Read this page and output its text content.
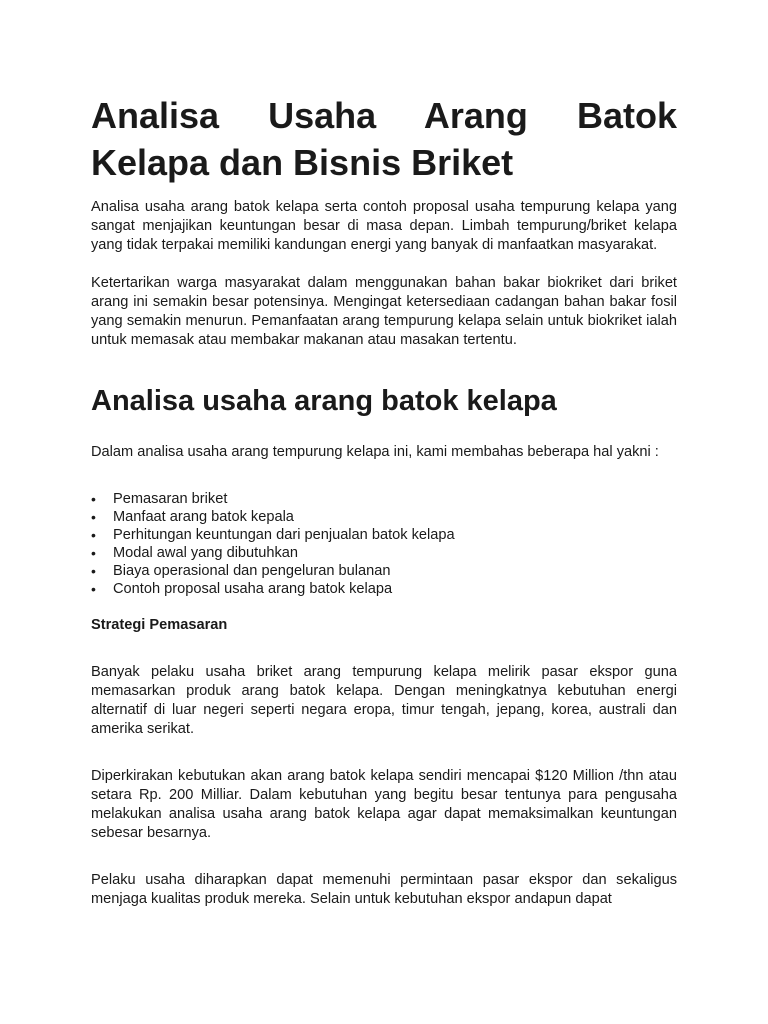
Analisa Usaha Arang Batok
Kelapa dan Bisnis Briket

Analisa usaha arang batok kelapa serta contoh proposal usaha tempurung kelapa yang sangat menjajikan keuntungan besar di masa depan. Limbah tempurung/briket kelapa yang tidak terpakai memiliki kandungan energi yang banyak di manfaatkan masyarakat.

Ketertarikan warga masyarakat dalam menggunakan bahan bakar biokriket dari briket arang ini semakin besar potensinya. Mengingat ketersediaan cadangan bahan bakar fosil yang semakin menurun. Pemanfaatan arang tempurung kelapa selain untuk biokriket ialah untuk memasak atau membakar makanan atau masakan tertentu.

Analisa usaha arang batok kelapa

Dalam analisa usaha arang tempurung kelapa ini, kami membahas beberapa hal yakni :

• Pemasaran briket
• Manfaat arang batok kepala
• Perhitungan keuntungan dari penjualan batok kelapa
• Modal awal yang dibutuhkan
• Biaya operasional dan pengeluran bulanan
• Contoh proposal usaha arang batok kelapa
Strategi Pemasaran

Banyak pelaku usaha briket arang tempurung kelapa melirik pasar ekspor guna memasarkan produk arang batok kelapa. Dengan meningkatnya kebutuhan energi alternatif di luar negeri seperti negara eropa, timur tengah, jepang, korea, australi dan amerika serikat.

Diperkirakan kebutukan akan arang batok kelapa sendiri mencapai $120 Million /thn atau setara Rp. 200 Milliar. Dalam kebutuhan yang begitu besar tentunya para pengusaha melakukan analisa usaha arang batok kelapa agar dapat memaksimalkan keuntungan sebesar besarnya.

Pelaku usaha diharapkan dapat memenuhi permintaan pasar ekspor dan sekaligus menjaga kualitas produk mereka. Selain untuk kebutuhan ekspor andapun dapat
